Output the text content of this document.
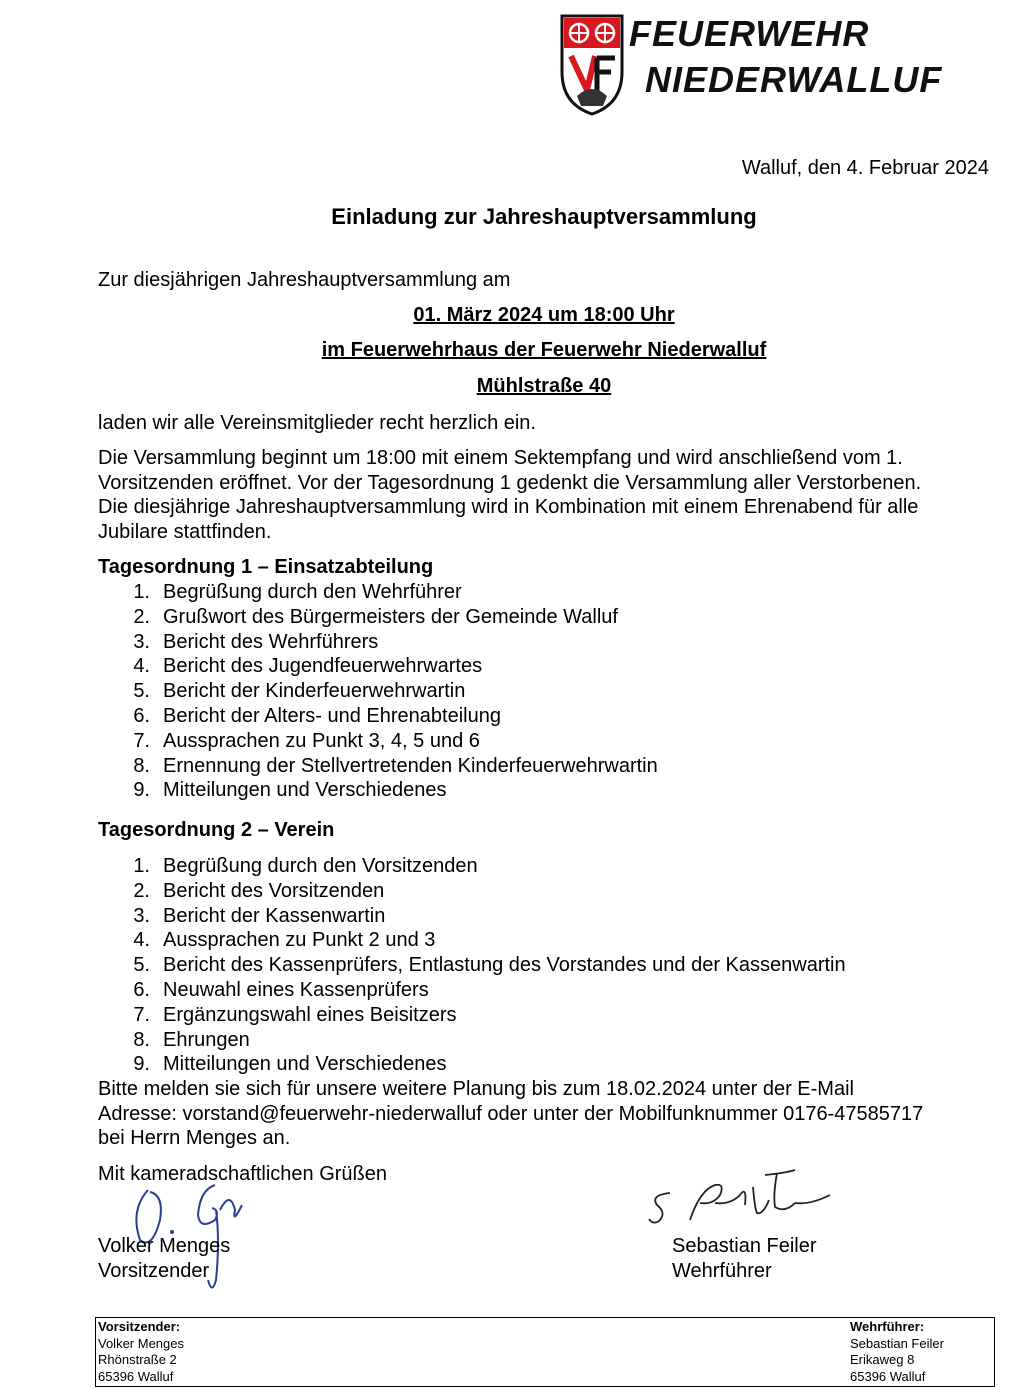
FEUERWEHR
NIEDERWALLUF
Walluf, den 4. Februar 2024
Einladung zur Jahreshauptversammlung
Zur diesjährigen Jahreshauptversammlung am
01. März 2024 um 18:00 Uhr
im Feuerwehrhaus der Feuerwehr Niederwalluf
Mühlstraße 40
laden wir alle Vereinsmitglieder recht herzlich ein.
Die Versammlung beginnt um 18:00 mit einem Sektempfang und wird anschließend vom 1.
Vorsitzenden eröffnet. Vor der Tagesordnung 1 gedenkt die Versammlung aller Verstorbenen.
Die diesjährige Jahreshauptversammlung wird in Kombination mit einem Ehrenabend für alle
Jubilare stattfinden.
Tagesordnung 1 – Einsatzabteilung
1. Begrüßung durch den Wehrführer
2. Grußwort des Bürgermeisters der Gemeinde Walluf
3. Bericht des Wehrführers
4. Bericht des Jugendfeuerwehrwartes
5. Bericht der Kinderfeuerwehrwartin
6. Bericht der Alters- und Ehrenabteilung
7. Aussprachen zu Punkt 3, 4, 5 und 6
8. Ernennung der Stellvertretenden Kinderfeuerwehrwartin
9. Mitteilungen und Verschiedenes
Tagesordnung 2 – Verein
1. Begrüßung durch den Vorsitzenden
2. Bericht des Vorsitzenden
3. Bericht der Kassenwartin
4. Aussprachen zu Punkt 2 und 3
5. Bericht des Kassenprüfers, Entlastung des Vorstandes und der Kassenwartin
6. Neuwahl eines Kassenprüfers
7. Ergänzungswahl eines Beisitzers
8. Ehrungen
9. Mitteilungen und Verschiedenes
Bitte melden sie sich für unsere weitere Planung bis zum 18.02.2024 unter der E-Mail
Adresse: vorstand@feuerwehr-niederwalluf oder unter der Mobilfunknummer 0176-47585717
bei Herrn Menges an.
Mit kameradschaftlichen Grüßen
Volker Menges
Vorsitzender
Sebastian Feiler
Wehrführer
Vorsitzender:
Volker Menges
Rhönstraße 2
65396 Walluf
Wehrführer:
Sebastian Feiler
Erikaweg 8
65396 Walluf
